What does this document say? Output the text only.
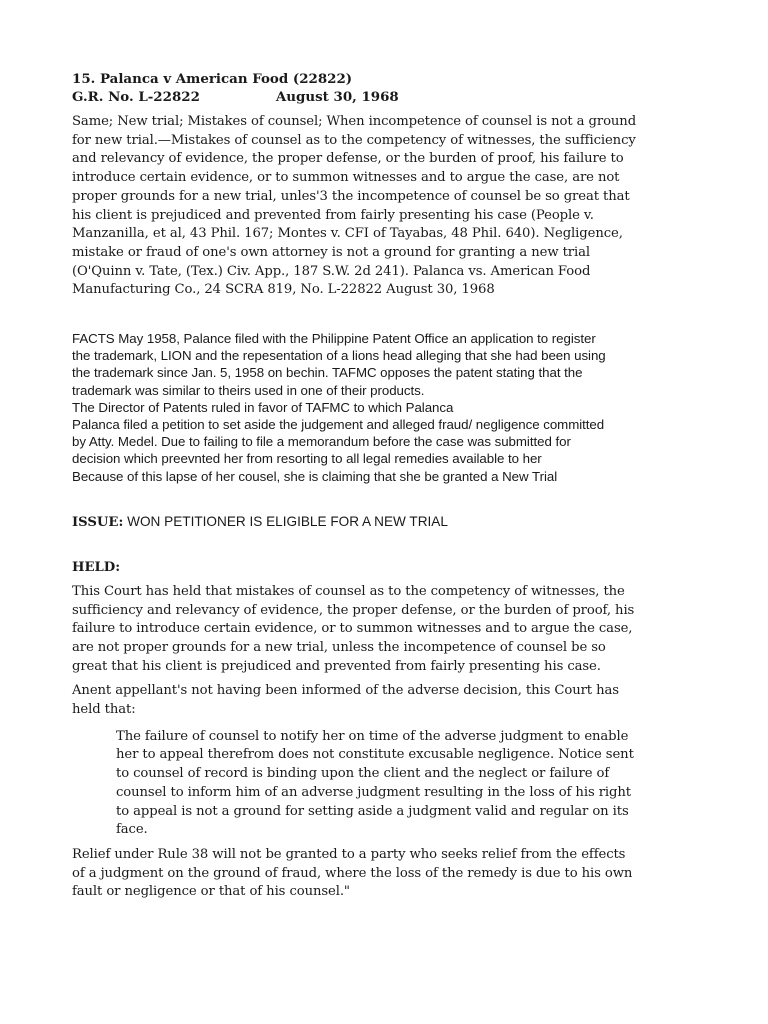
15. Palanca v American Food (22822)
G.R. No. L-22822	August 30, 1968

Same; New trial; Mistakes of counsel; When incompetence of counsel is not a ground
for new trial.—Mistakes of counsel as to the competency of witnesses, the sufficiency
and relevancy of evidence, the proper defense, or the burden of proof, his failure to
introduce certain evidence, or to summon witnesses and to argue the case, are not
proper grounds for a new trial, unles'3 the incompetence of counsel be so great that
his client is prejudiced and prevented from fairly presenting his case (People v.
Manzanilla, et al, 43 Phil. 167; Montes v. CFI of Tayabas, 48 Phil. 640). Negligence,
mistake or fraud of one's own attorney is not a ground for granting a new trial
(O'Quinn v. Tate, (Tex.) Civ. App., 187 S.W. 2d 241). Palanca vs. American Food
Manufacturing Co., 24 SCRA 819, No. L-22822 August 30, 1968

FACTS May 1958, Palance filed with the Philippine Patent Office an application to register
the trademark, LION and the repesentation of a lions head alleging that she had been using
the trademark since Jan. 5, 1958 on bechin. TAFMC opposes the patent stating that the
trademark was similar to theirs used in one of their products.
The Director of Patents ruled in favor of TAFMC to which Palanca
Palanca filed a petition to set aside the judgement and alleged fraud/ negligence committed
by Atty. Medel. Due to failing to file a memorandum before the case was submitted for
decision which preevnted her from resorting to all legal remedies available to her
Because of this lapse of her cousel, she is claiming that she be granted a New Trial

ISSUE: WON PETITIONER IS ELIGIBLE FOR A NEW TRIAL
HELD:

This Court has held that mistakes of counsel as to the competency of witnesses, the
sufficiency and relevancy of evidence, the proper defense, or the burden of proof, his
failure to introduce certain evidence, or to summon witnesses and to argue the case,
are not proper grounds for a new trial, unless the incompetence of counsel be so
great that his client is prejudiced and prevented from fairly presenting his case.

Anent appellant's not having been informed of the adverse decision, this Court has
held that:

The failure of counsel to notify her on time of the adverse judgment to enable
her to appeal therefrom does not constitute excusable negligence. Notice sent
to counsel of record is binding upon the client and the neglect or failure of
counsel to inform him of an adverse judgment resulting in the loss of his right
to appeal is not a ground for setting aside a judgment valid and regular on its
face.

Relief under Rule 38 will not be granted to a party who seeks relief from the effects
of a judgment on the ground of fraud, where the loss of the remedy is due to his own
fault or negligence or that of his counsel."
